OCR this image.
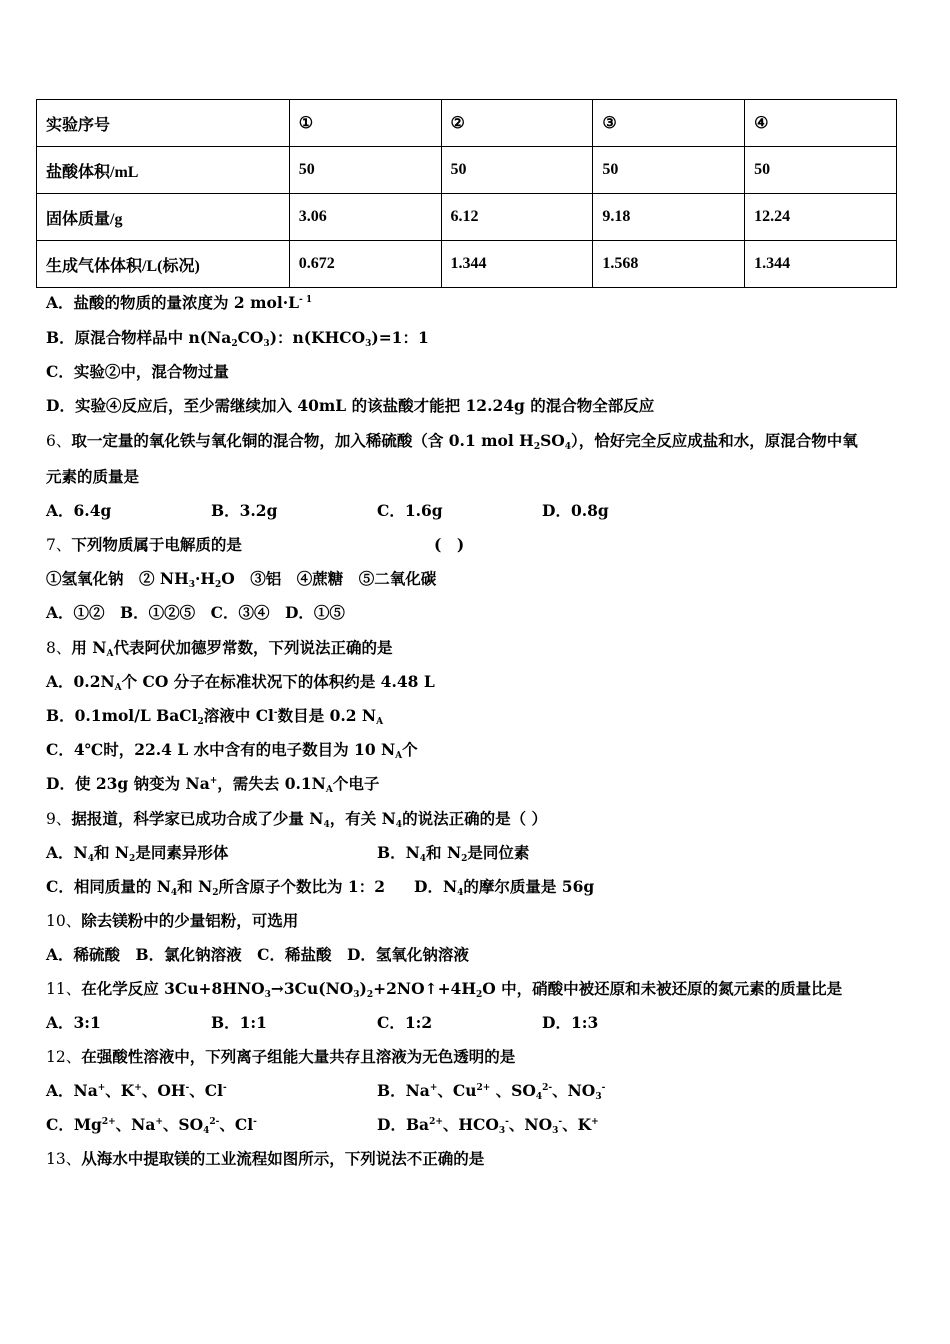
实验序号	①	②	③	④
盐酸体积/mL	50	50	50	50
固体质量/g	3.06	6.12	9.18	12.24
生成气体体积/L(标况)	0.672	1.344	1.568	1.344
A．盐酸的物质的量浓度为 2 $mol\cdot L^{- 1}$
B．原混合物样品中 $n(Na_2CO_3)$：$n(KHCO_3)=1$：1
C．实验②中，混合物过量
D．实验④反应后，至少需继续加入 40mL 的该盐酸才能把 12.24g 的混合物全部反应
6、取一定量的氧化铁与氧化铜的混合物，加入稀硫酸（含 0.1 mol $H_2SO_4$），恰好完全反应成盐和水，原混合物中氧
元素的质量是
A．6.4g	B．3.2g	C．1.6g	D．0.8g
7、下列物质属于电解质的是	(　)
①氢氧化钠　② $NH_3\cdot H_2O$　③铝　④蔗糖　⑤二氧化碳
A．①②　B．①②⑤　C．③④　D．①⑤
8、用 $N_A$代表阿伏加德罗常数，下列说法正确的是
A．$0.2N_A$个 CO 分子在标准状况下的体积约是 4.48 L
B．0.1mol/L BaCl$_2$溶液中 Cl-数目是 0.2 $N_A$
C．4℃时，22.4 L 水中含有的电子数目为 10 $N_A$个
D．使 23g 钠变为 Na+，需失去 $0.1N_A$个电子
9、据报道，科学家已成功合成了少量 $N_4$，有关 $N_4$的说法正确的是（ ）
A．$N_4$和 $N_2$是同素异形体	B．$N_4$和 $N_2$是同位素
C．相同质量的 $N_4$和 $N_2$所含原子个数比为 1：2 D．$N_4$的摩尔质量是 56g
10、除去镁粉中的少量铝粉，可选用
A．稀硫酸　B．氯化钠溶液　C．稀盐酸　D．氢氧化钠溶液
11、在化学反应 $3Cu+8HNO_3\to 3Cu(NO_3)_2+2NO↑+4H_2O$ 中，硝酸中被还原和未被还原的氮元素的质量比是
A．3:1	B．1:1	C．1:2	D．1:3
12、在强酸性溶液中，下列离子组能大量共存且溶液为无色透明的是
A．Na+、K+、OH-、Cl-	B．Na+、$Cu^{2+}$ 、$SO_4^{2-}$、$NO_3^-$
C．$Mg^{2+}$、Na+、$SO_4^{2-}$、Cl-	D．$Ba^{2+}$、$HCO_3^-$、$NO_3^-$、K+
13、从海水中提取镁的工业流程如图所示，下列说法不正确的是
